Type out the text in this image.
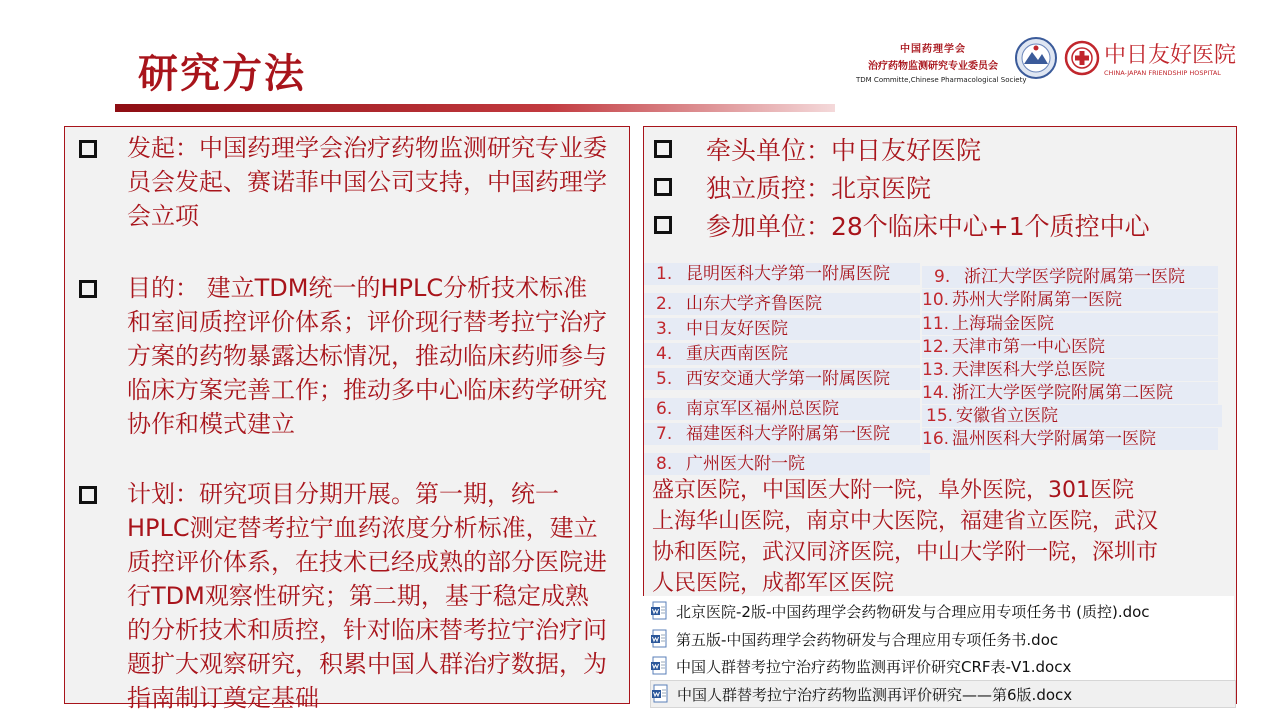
研究方法
中国药理学会
治疗药物监测研究专业委员会
TDM Committe,Chinese Pharmacological Society
中日友好医院
CHINA-JAPAN FRIENDSHIP HOSPITAL
发起：中国药理学会治疗药物监测研究专业委员会发起、赛诺菲中国公司支持，中国药理学会立项
目的： 建立TDM统一的HPLC分析技术标准和室间质控评价体系；评价现行替考拉宁治疗方案的药物暴露达标情况，推动临床药师参与临床方案完善工作；推动多中心临床药学研究协作和模式建立
计划：研究项目分期开展。第一期，统一HPLC测定替考拉宁血药浓度分析标准，建立质控评价体系，在技术已经成熟的部分医院进行TDM观察性研究；第二期，基于稳定成熟的分析技术和质控，针对临床替考拉宁治疗问题扩大观察研究，积累中国人群治疗数据，为指南制订奠定基础
牵头单位：中日友好医院
独立质控：北京医院
参加单位：28个临床中心+1个质控中心
1. 昆明医科大学第一附属医院
2. 山东大学齐鲁医院
3. 中日友好医院
4. 重庆西南医院
5. 西安交通大学第一附属医院
6. 南京军区福州总医院
7. 福建医科大学附属第一医院
8. 广州医大附一院
9. 浙江大学医学院附属第一医院
10. 苏州大学附属第一医院
11. 上海瑞金医院
12. 天津市第一中心医院
13. 天津医科大学总医院
14. 浙江大学医学院附属第二医院
15. 安徽省立医院
16. 温州医科大学附属第一医院
盛京医院，中国医大附一院，阜外医院，301医院
上海华山医院，南京中大医院，福建省立医院，武汉
协和医院，武汉同济医院，中山大学附一院，深圳市
人民医院，成都军区医院
北京医院-2版-中国药理学会药物研发与合理应用专项任务书 (质控).doc
第五版-中国药理学会药物研发与合理应用专项任务书.doc
中国人群替考拉宁治疗药物监测再评价研究CRF表-V1.docx
中国人群替考拉宁治疗药物监测再评价研究——第6版.docx
